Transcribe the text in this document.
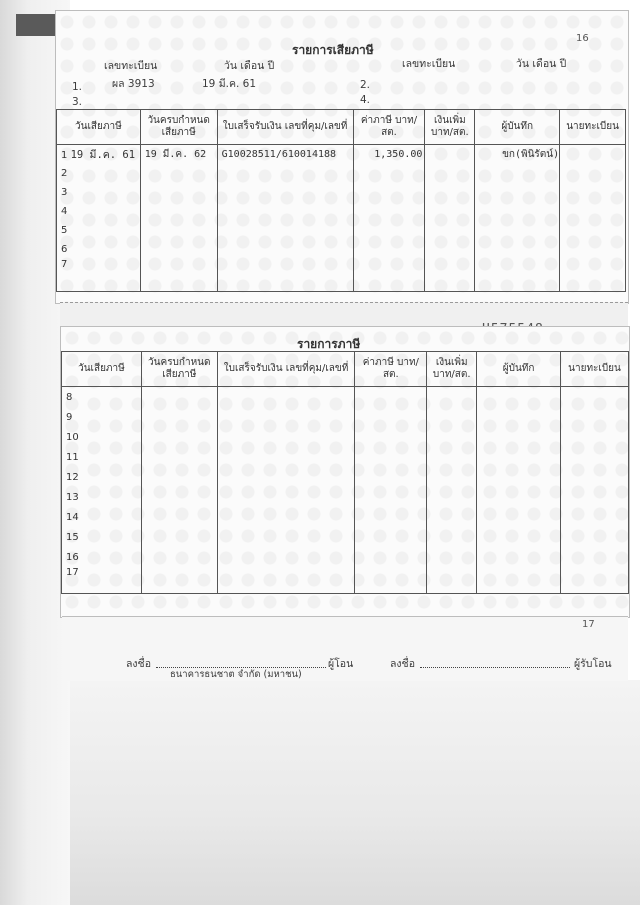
รายการเสียภาษี
16
เลขทะเบียน	วัน เดือน ปี	เลขทะเบียน	วัน เดือน ปี
1.	ผล 3913	19 มี.ค. 61	2.
3.	4.
วันเสียภาษี	วันครบกำหนด เสียภาษี	ใบเสร็จรับเงิน เลขที่คุม/เลขที่	ค่าภาษี บาท/สต.	เงินเพิ่ม บาท/สต.	ผู้บันทึก	นายทะเบียน
1 19 มี.ค. 61	19 มี.ค. 62	G10028511/610014188	1,350.00		ขก(พินิรัตน์)	
2						
3						
4						
5						
6						
7						
รายการภาษี
วันเสียภาษี	วันครบกำหนด เสียภาษี	ใบเสร็จรับเงิน เลขที่คุม/เลขที่	ค่าภาษี บาท/สต.	เงินเพิ่ม บาท/สต.	ผู้บันทึก	นายทะเบียน
8						
9						
10						
11						
12						
13						
14						
15						
16						
17						
17
ลงชื่อ	ผู้โอน	ลงชื่อ	ผู้รับโอน
ธนาคารธนชาต จำกัด (มหาชน)
